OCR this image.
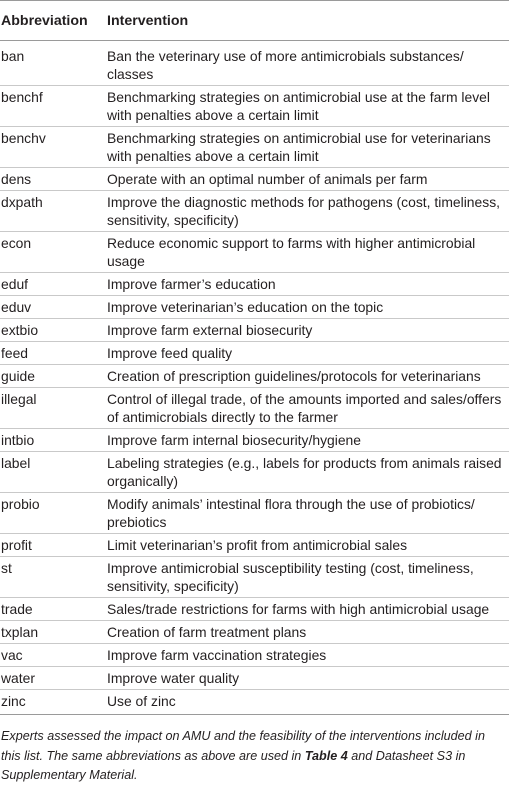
Abbreviation	Intervention
ban	Ban the veterinary use of more antimicrobials substances/ classes
benchf	Benchmarking strategies on antimicrobial use at the farm level with penalties above a certain limit
benchv	Benchmarking strategies on antimicrobial use for veterinarians with penalties above a certain limit
dens	Operate with an optimal number of animals per farm
dxpath	Improve the diagnostic methods for pathogens (cost, timeliness, sensitivity, specificity)
econ	Reduce economic support to farms with higher antimicrobial usage
eduf	Improve farmer’s education
eduv	Improve veterinarian’s education on the topic
extbio	Improve farm external biosecurity
feed	Improve feed quality
guide	Creation of prescription guidelines/protocols for veterinarians
illegal	Control of illegal trade, of the amounts imported and sales/offers of antimicrobials directly to the farmer
intbio	Improve farm internal biosecurity/hygiene
label	Labeling strategies (e.g., labels for products from animals raised organically)
probio	Modify animals’ intestinal flora through the use of probiotics/ prebiotics
profit	Limit veterinarian’s profit from antimicrobial sales
st	Improve antimicrobial susceptibility testing (cost, timeliness, sensitivity, specificity)
trade	Sales/trade restrictions for farms with high antimicrobial usage
txplan	Creation of farm treatment plans
vac	Improve farm vaccination strategies
water	Improve water quality
zinc	Use of zinc

Experts assessed the impact on AMU and the feasibility of the interventions included in this list. The same abbreviations as above are used in Table 4 and Datasheet S3 in Supplementary Material.
